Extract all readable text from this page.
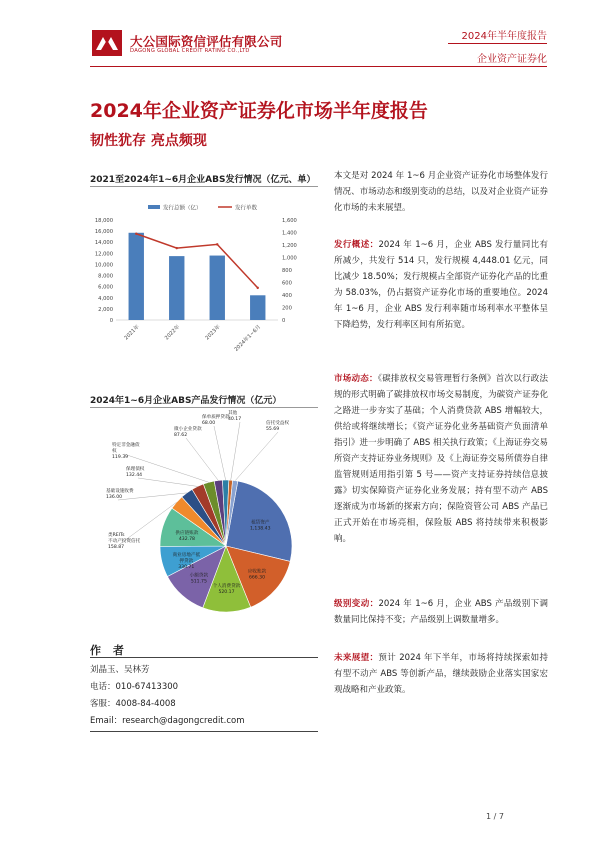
大公国际资信评估有限公司
DAGONG GLOBAL CREDIT RATING CO.,LTD
2024年半年度报告
企业资产证券化
2024年企业资产证券化市场半年度报告
韧性犹存 亮点频现
2021至2024年1~6月企业ABS发行情况（亿元、单）
发行总额（亿）	发行单数
18,000
16,000
14,000
12,000
10,000
8,000
6,000
4,000
2,000
0
1,600
1,400
1,200
1,000
800
600
400
200
0
2021年	2022年	2023年 2024年1~6月
2024年1~6月企业ABS产品发行情况（亿元）
租赁资产
1,138.43
应收账款
666.30
个人消费贷款
520.17
小额贷款
511.75
商业房地产抵
押贷款
330.71
供应链账款
432.78
类REITs
不动产投资信托
158.87
基础设施收费
136.00
保理债权
132.44
特定非金融债
权
119.39
微小企业贷款
87.62
保单质押贷款
68.00
其他
40.17
信托受益权
55.69
作 者
刘晶玉、吴林芳
电话：010-67413300
客服：4008-84-4008
Email：research@dagongcredit.com
本文是对 2024 年 1~6 月企业资产证券化市场整体发行情况、市场动态和级别变动的总结，以及对企业资产证券化市场的未来展望。
发行概述：2024 年 1~6 月，企业 ABS 发行量同比有所减少，共发行 514 只，发行规模 4,448.01 亿元，同比减少 18.50%；发行规模占全部资产证券化产品的比重为 58.03%，仍占据资产证券化市场的重要地位。2024 年 1~6 月，企业 ABS 发行利率随市场利率水平整体呈下降趋势，发行利率区间有所拓宽。
市场动态：《碳排放权交易管理暂行条例》首次以行政法规的形式明确了碳排放权市场交易制度，为碳资产证券化之路进一步夯实了基础；个人消费贷款 ABS 增幅较大，供给或将继续增长；《资产证券化业务基础资产负面清单指引》进一步明确了 ABS 相关执行政策；《上海证券交易所资产支持证券业务规则》及《上海证券交易所债券自律监管规则适用指引第 5 号——资产支持证券持续信息披露》切实保障资产证券化业务发展；持有型不动产 ABS 逐渐成为市场新的探索方向；保险资管公司 ABS 产品已正式开始在市场亮相，保险版 ABS 将持续带来积极影响。
级别变动：2024 年 1~6 月，企业 ABS 产品级别下调数量同比保持不变；产品级别上调数量增多。
未来展望：预计 2024 年下半年，市场将持续探索如持有型不动产 ABS 等创新产品，继续鼓励企业落实国家宏观战略和产业政策。
1 / 7
